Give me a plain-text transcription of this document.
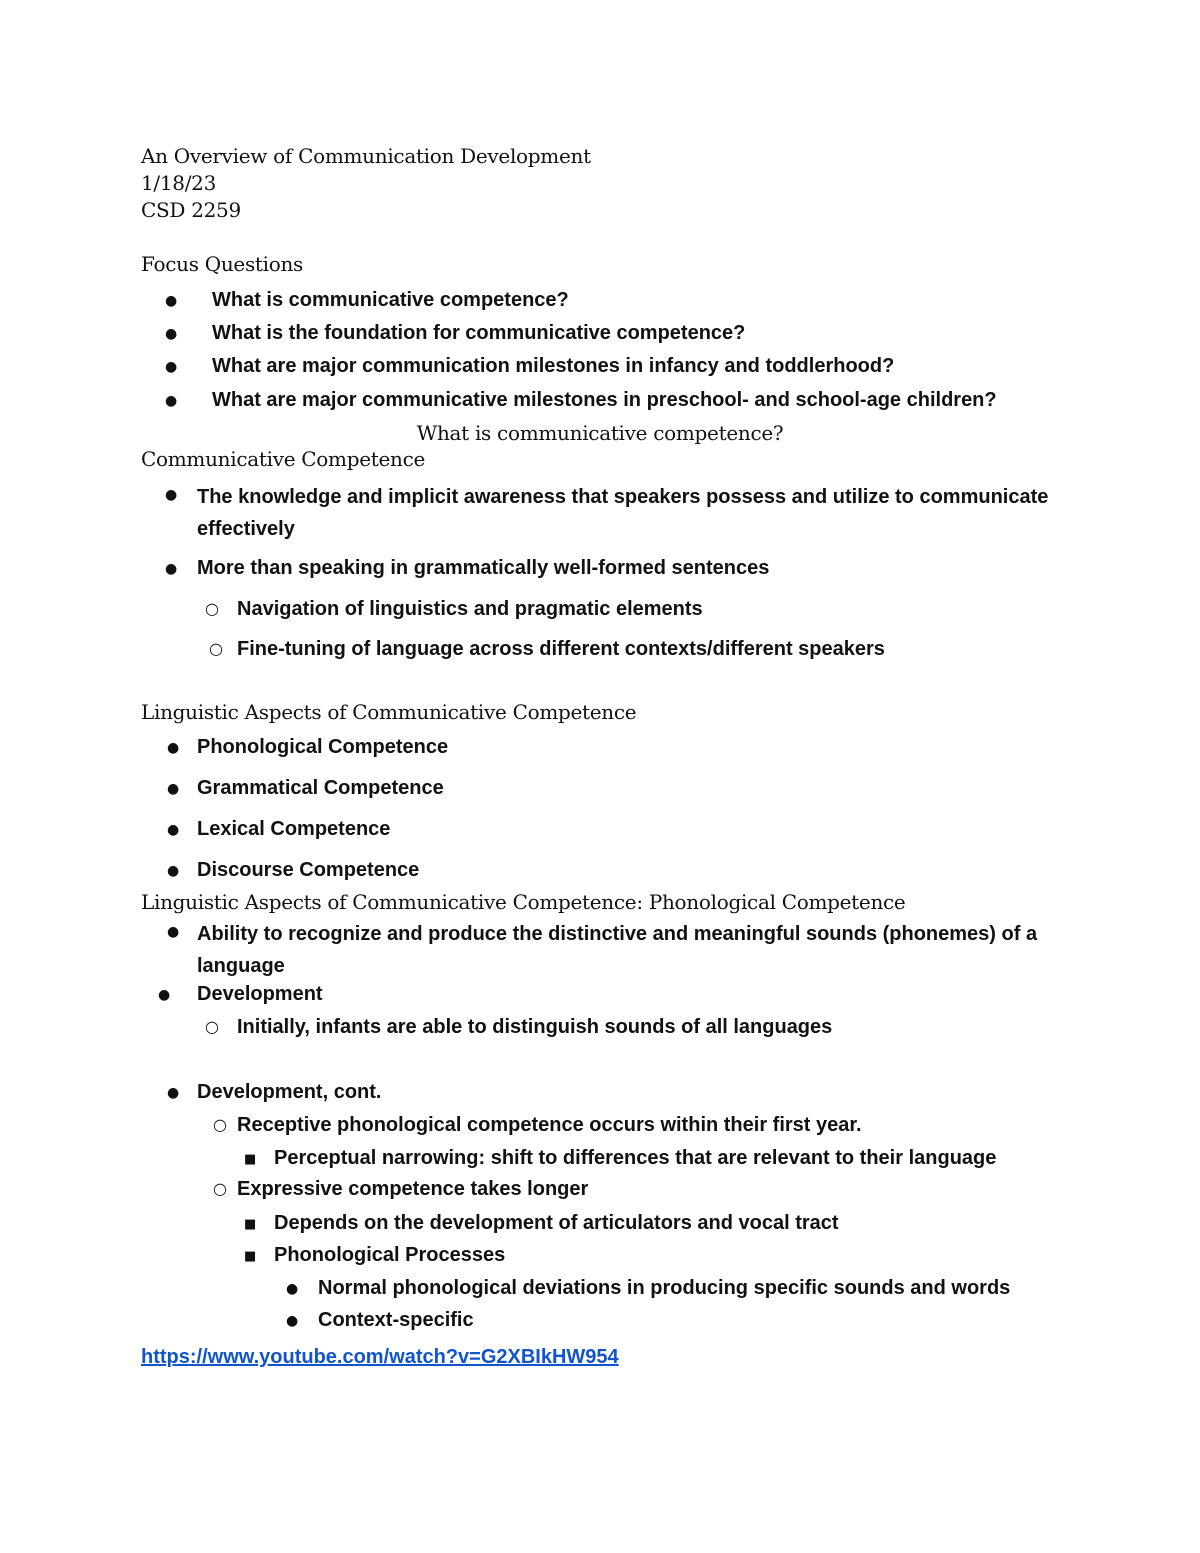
An Overview of Communication Development
1/18/23
CSD 2259
Focus Questions
●
What is communicative competence?
●
What is the foundation for communicative competence?
●
What are major communication milestones in infancy and toddlerhood?
●
What are major communicative milestones in preschool- and school-age children?
What is communicative competence?
Communicative Competence
●
The knowledge and implicit awareness that speakers possess and utilize to communicate effectively
●
More than speaking in grammatically well-formed sentences
○
Navigation of linguistics and pragmatic elements
○
Fine-tuning of language across different contexts/different speakers
Linguistic Aspects of Communicative Competence
●
Phonological Competence
●
Grammatical Competence
●
Lexical Competence
●
Discourse Competence
Linguistic Aspects of Communicative Competence: Phonological Competence
●
Ability to recognize and produce the distinctive and meaningful sounds (phonemes) of a language
●
Development
○
Initially, infants are able to distinguish sounds of all languages
●
Development, cont.
○
Receptive phonological competence occurs within their first year.
■
Perceptual narrowing: shift to differences that are relevant to their language
○
Expressive competence takes longer
■
Depends on the development of articulators and vocal tract
■
Phonological Processes
●
Normal phonological deviations in producing specific sounds and words
●
Context-specific
https://www.youtube.com/watch?v=G2XBIkHW954
